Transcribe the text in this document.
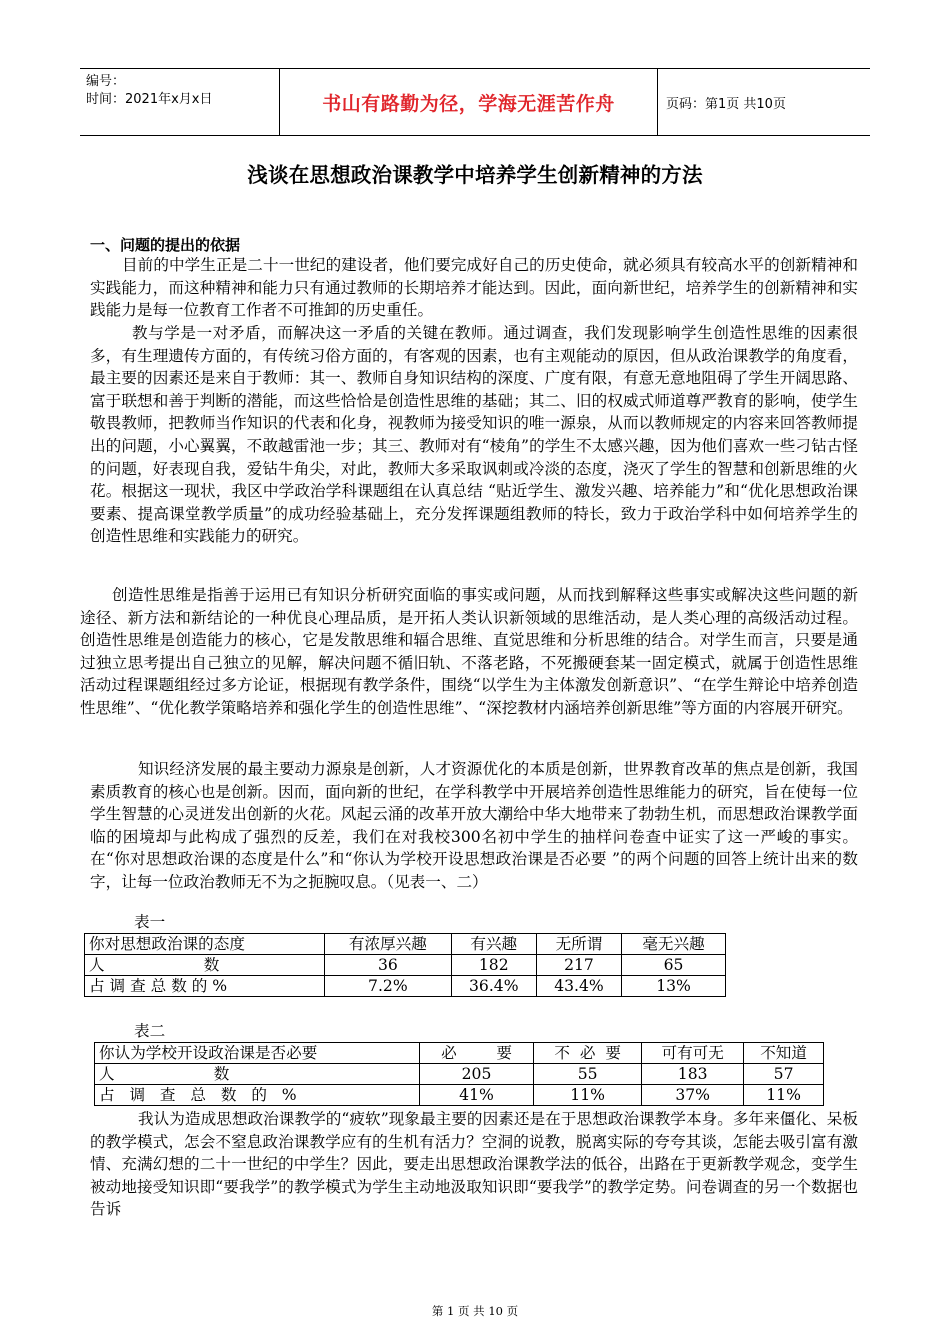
编号：
时间：2021年x月x日	书山有路勤为径，学海无涯苦作舟	页码：第1页 共10页
浅谈在思想政治课教学中培养学生创新精神的方法
一、问题的提出的依据

目前的中学生正是二十一世纪的建设者，他们要完成好自己的历史使命，就必须具有较高水平的创新精神和实践能力，而这种精神和能力只有通过教师的长期培养才能达到。因此，面向新世纪，培养学生的创新精神和实践能力是每一位教育工作者不可推卸的历史重任。

教与学是一对矛盾，而解决这一矛盾的关键在教师。通过调查，我们发现影响学生创造性思维的因素很多，有生理遗传方面的，有传统习俗方面的，有客观的因素，也有主观能动的原因，但从政治课教学的角度看，最主要的因素还是来自于教师：其一、教师自身知识结构的深度、广度有限，有意无意地阻碍了学生开阔思路、富于联想和善于判断的潜能，而这些恰恰是创造性思维的基础；其二、旧的权威式师道尊严教育的影响，使学生敬畏教师，把教师当作知识的代表和化身，视教师为接受知识的唯一源泉，从而以教师规定的内容来回答教师提出的问题，小心翼翼，不敢越雷池一步；其三、教师对有“棱角”的学生不太感兴趣，因为他们喜欢一些刁钻古怪的问题，好表现自我，爱钻牛角尖，对此，教师大多采取讽刺或冷淡的态度，浇灭了学生的智慧和创新思维的火花。根据这一现状，我区中学政治学科课题组在认真总结 “贴近学生、激发兴趣、培养能力”和“优化思想政治课要素、提高课堂教学质量”的成功经验基础上，充分发挥课题组教师的特长，致力于政治学科中如何培养学生的创造性思维和实践能力的研究。

创造性思维是指善于运用已有知识分析研究面临的事实或问题，从而找到解释这些事实或解决这些问题的新途径、新方法和新结论的一种优良心理品质，是开拓人类认识新领域的思维活动，是人类心理的高级活动过程。创造性思维是创造能力的核心，它是发散思维和辐合思维、直觉思维和分析思维的结合。对学生而言，只要是通过独立思考提出自己独立的见解，解决问题不循旧轨、不落老路，不死搬硬套某一固定模式，就属于创造性思维活动过程课题组经过多方论证，根据现有教学条件，围绕“以学生为主体激发创新意识”、“在学生辩论中培养创造性思维”、“优化教学策略培养和强化学生的创造性思维”、“深挖教材内涵培养创新思维”等方面的内容展开研究。

知识经济发展的最主要动力源泉是创新，人才资源优化的本质是创新，世界教育改革的焦点是创新，我国素质教育的核心也是创新。因而，面向新的世纪，在学科教学中开展培养创造性思维能力的研究，旨在使每一位学生智慧的心灵迸发出创新的火花。风起云涌的改革开放大潮给中华大地带来了勃勃生机，而思想政治课教学面临的困境却与此构成了强烈的反差，我们在对我校300名初中学生的抽样问卷查中证实了这一严峻的事实。在“你对思想政治课的态度是什么”和“你认为学校开设思想政治课是否必要 ”的两个问题的回答上统计出来的数字，让每一位政治教师无不为之扼腕叹息。（见表一、二）

表一
你对思想政治课的态度	有浓厚兴趣	有兴趣	无所谓	毫无兴趣
人                    数	36	182	217	65
占 调 查 总 数 的 %	7.2%	36.4%	43.4%	13%
表二
你认为学校开设政治课是否必要	必        要	不  必  要	可有可无	不知道
人                    数	205	55	183	57
占   调   查   总   数   的   %	41%	11%	37%	11%

我认为造成思想政治课教学的“疲软”现象最主要的因素还是在于思想政治课教学本身。多年来僵化、呆板的教学模式，怎会不窒息政治课教学应有的生机有活力？空洞的说教，脱离实际的夸夸其谈，怎能去吸引富有激情、充满幻想的二十一世纪的中学生？因此，要走出思想政治课教学法的低谷，出路在于更新教学观念，变学生被动地接受知识即“要我学”的教学模式为学生主动地汲取知识即“要我学”的教学定势。问卷调查的另一个数据也告诉

第 1 页 共 10 页
